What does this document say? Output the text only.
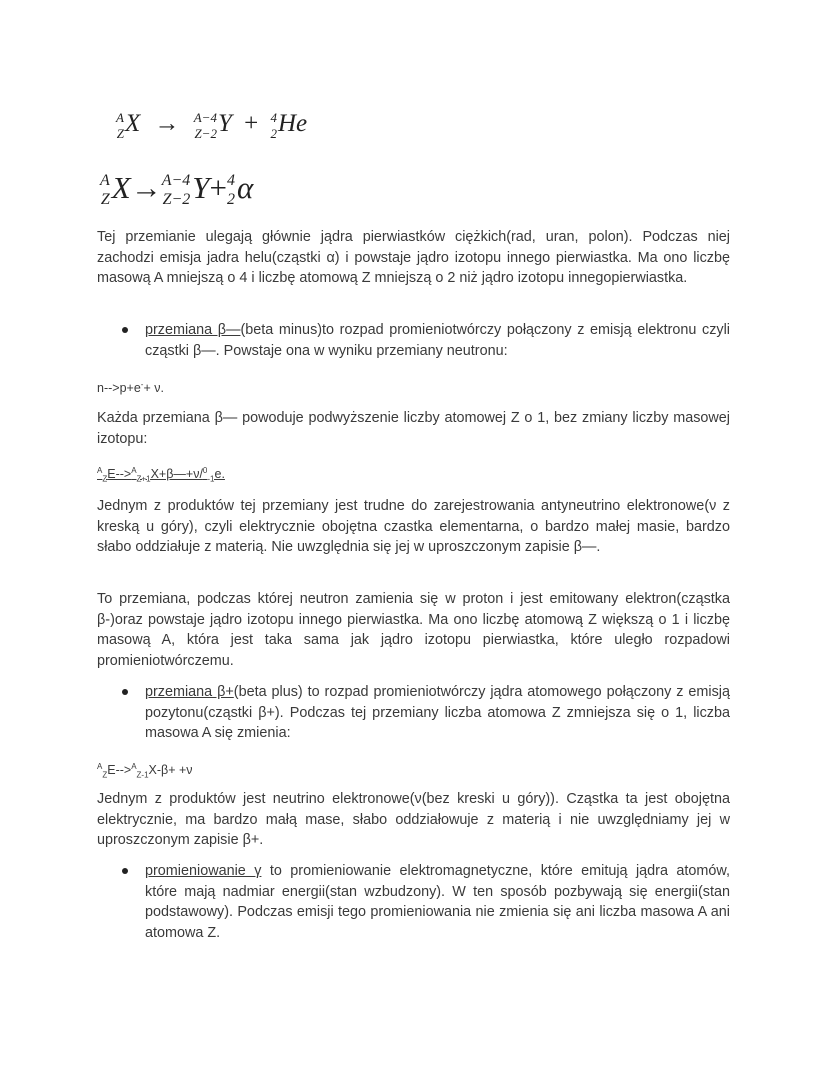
A
Z X → A−4
Z−2 Y + 4
2 He
A
Z X→ A−4
Z−2 Y+ 4
2 α

Tej przemianie ulegają głównie jądra pierwiastków ciężkich(rad, uran, polon). Podczas niej zachodzi emisja jadra helu(cząstki α) i powstaje jądro izotopu innego pierwiastka. Ma ono liczbę masową A mniejszą o 4 i liczbę atomową Z mniejszą o 2 niż jądro izotopu innegopierwiastka.

przemiana β—(beta minus)to rozpad promieniotwórczy połączony z emisją elektronu czyli cząstki β—. Powstaje ona w wyniku przemiany neutronu:

n-->p+e-+ ν.

Każda przemiana β— powoduje podwyższenie liczby atomowej Z o 1, bez zmiany liczby masowej izotopu:

$^A_Z$E-->$^A_{Z+1}$X+β—+ν/$^0_{-1}$e.

Jednym z produktów tej przemiany jest trudne do zarejestrowania antyneutrino elektronowe(ν z kreską u góry), czyli elektrycznie obojętna czastka elementarna, o bardzo małej masie, bardzo słabo oddziałuje z materią. Nie uwzględnia się jej w uproszczonym zapisie β—.

To przemiana, podczas której neutron zamienia się w proton i jest emitowany elektron(cząstka β-)oraz powstaje jądro izotopu innego pierwiastka. Ma ono liczbę atomową Z większą o 1 i liczbę masową A, która jest taka sama jak jądro izotopu pierwiastka, które uległo rozpadowi promieniotwórczemu.

przemiana β+(beta plus) to rozpad promieniotwórczy jądra atomowego połączony z emisją pozytonu(cząstki β+). Podczas tej przemiany liczba atomowa Z zmniejsza się o 1, liczba masowa A się zmienia:

$^A_Z$E-->$^A_{Z-1}$X-β+ +ν

Jednym z produktów jest neutrino elektronowe(ν(bez kreski u góry)). Cząstka ta jest obojętna elektrycznie, ma bardzo małą mase, słabo oddziałowuje z materią i nie uwzględniamy jej w uproszczonym zapisie β+.

promieniowanie γ to promieniowanie elektromagnetyczne, które emitują jądra atomów, które mają nadmiar energii(stan wzbudzony). W ten sposób pozbywają się energii(stan podstawowy). Podczas emisji tego promieniowania nie zmienia się ani liczba masowa A ani atomowa Z.
